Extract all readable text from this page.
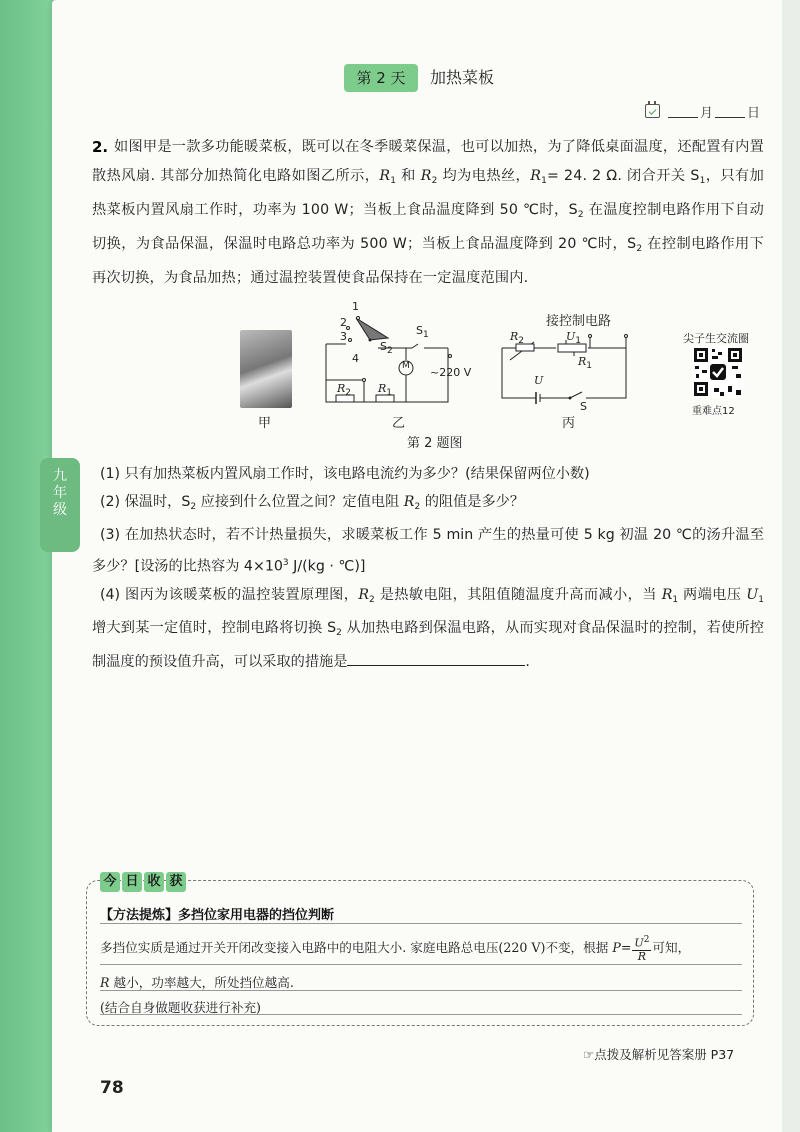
九
年
级
第 2 天	加热菜板
月	日
2. 如图甲是一款多功能暖菜板，既可以在冬季暖菜保温，也可以加热，为了降低桌面温度，还配置有内置散热风扇. 其部分加热简化电路如图乙所示，$R_1$ 和 $R_2$ 均为电热丝，$R_1= 24$. 2 Ω. 闭合开关 $S_1$，只有加热菜板内置风扇工作时，功率为 100 W；当板上食品温度降到 50 ℃时，$S_2$ 在温度控制电路作用下自动切换，为食品保温，保温时电路总功率为 500 W；当板上食品温度降到 20 ℃时，$S_2$ 在控制电路作用下再次切换，为食品加热；通过温控装置使食品保持在一定温度范围内.
甲
1
2
3
4
$S_2$
$S_1$
M ~220 V
$R_2$ $R_1$
乙
接控制电路
$R_2$	$U_1$
$R_1$
U
S
丙
第 2 题图
尖子生交流圈
重难点12
(1) 只有加热菜板内置风扇工作时，该电路电流约为多少？(结果保留两位小数)
(2) 保温时，$S_2$ 应接到什么位置之间？定值电阻 $R_2$ 的阻值是多少？
(3) 在加热状态时，若不计热量损失，求暖菜板工作 5 min 产生的热量可使 5 kg 初温 20 ℃的汤升温至多少？[设汤的比热容为 $4\times 10^3$ J/(kg · ℃)]
(4) 图丙为该暖菜板的温控装置原理图，$R_2$ 是热敏电阻，其阻值随温度升高而减小，当 $R_1$ 两端电压 $U_1$ 增大到某一定值时，控制电路将切换 $S_2$ 从加热电路到保温电路，从而实现对食品保温时的控制，若使所控制温度的预设值升高，可以采取的措施是	.
今 日 收 获
【方法提炼】多挡位家用电器的挡位判断
多挡位实质是通过开关开闭改变接入电路中的电阻大小. 家庭电路总电压(220 V)不变，根据 $P= \frac{U^2}{R}$ 可知，
R 越小，功率越大，所处挡位越高.
(结合自身做题收获进行补充)
☞点拨及解析见答案册 P37
78
